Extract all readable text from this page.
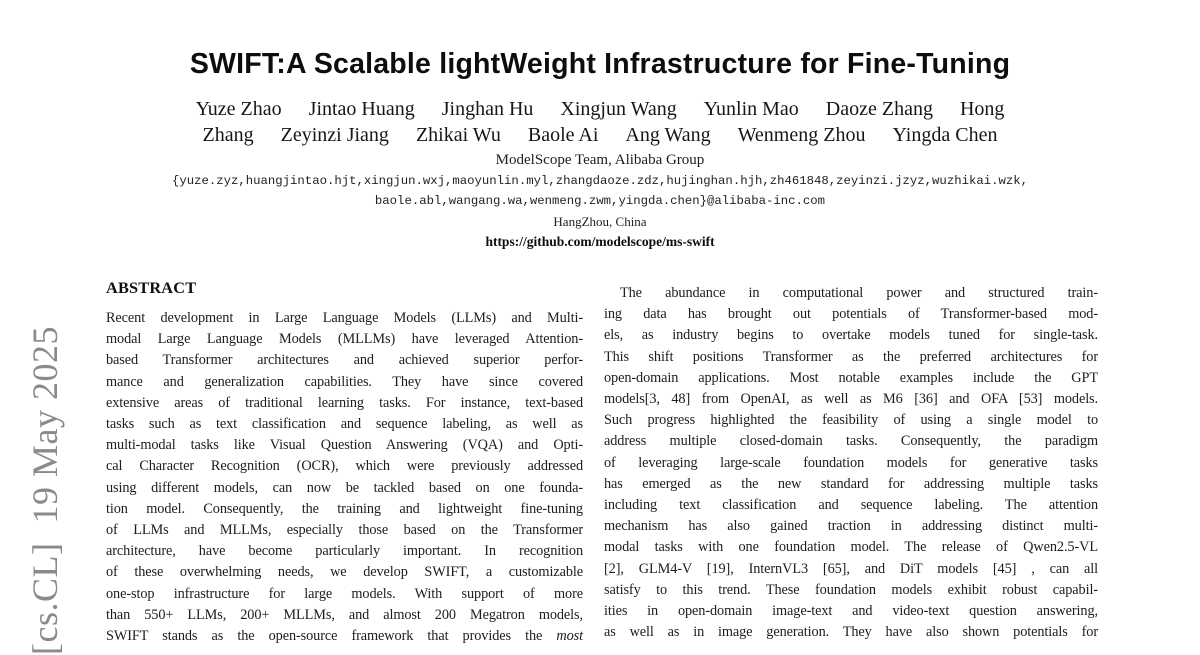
[cs.CL]  19 May 2025
SWIFT:A Scalable lightWeight Infrastructure for Fine-Tuning
Yuze Zhao Jintao Huang Jinghan Hu Xingjun Wang Yunlin Mao Daoze Zhang Hong
Zhang Zeyinzi Jiang Zhikai Wu Baole Ai Ang Wang Wenmeng Zhou Yingda Chen
ModelScope Team, Alibaba Group
{yuze.zyz,huangjintao.hjt,xingjun.wxj,maoyunlin.myl,zhangdaoze.zdz,hujinghan.hjh,zh461848,zeyinzi.jzyz,wuzhikai.wzk,
baole.abl,wangang.wa,wenmeng.zwm,yingda.chen}@alibaba-inc.com
HangZhou, China
https://github.com/modelscope/ms-swift
ABSTRACT
Recent development in Large Language Models (LLMs) and Multi-
modal Large Language Models (MLLMs) have leveraged Attention-
based Transformer architectures and achieved superior perfor-
mance and generalization capabilities. They have since covered
extensive areas of traditional learning tasks. For instance, text-based
tasks such as text classification and sequence labeling, as well as
multi-modal tasks like Visual Question Answering (VQA) and Opti-
cal Character Recognition (OCR), which were previously addressed
using different models, can now be tackled based on one founda-
tion model. Consequently, the training and lightweight fine-tuning
of LLMs and MLLMs, especially those based on the Transformer
architecture, have become particularly important. In recognition
of these overwhelming needs, we develop SWIFT, a customizable
one-stop infrastructure for large models. With support of more
than 550+ LLMs, 200+ MLLMs, and almost 200 Megatron models,
SWIFT stands as the open-source framework that provides the most
The abundance in computational power and structured train-
ing data has brought out potentials of Transformer-based mod-
els, as industry begins to overtake models tuned for single-task.
This shift positions Transformer as the preferred architectures for
open-domain applications. Most notable examples include the GPT
models[3, 48] from OpenAI, as well as M6 [36] and OFA [53] models.
Such progress highlighted the feasibility of using a single model to
address multiple closed-domain tasks. Consequently, the paradigm
of leveraging large-scale foundation models for generative tasks
has emerged as the new standard for addressing multiple tasks
including text classification and sequence labeling. The attention
mechanism has also gained traction in addressing distinct multi-
modal tasks with one foundation model. The release of Qwen2.5-VL
[2], GLM4-V [19], InternVL3 [65], and DiT models [45] , can all
satisfy to this trend. These foundation models exhibit robust capabil-
ities in open-domain image-text and video-text question answering,
as well as in image generation. They have also shown potentials for
